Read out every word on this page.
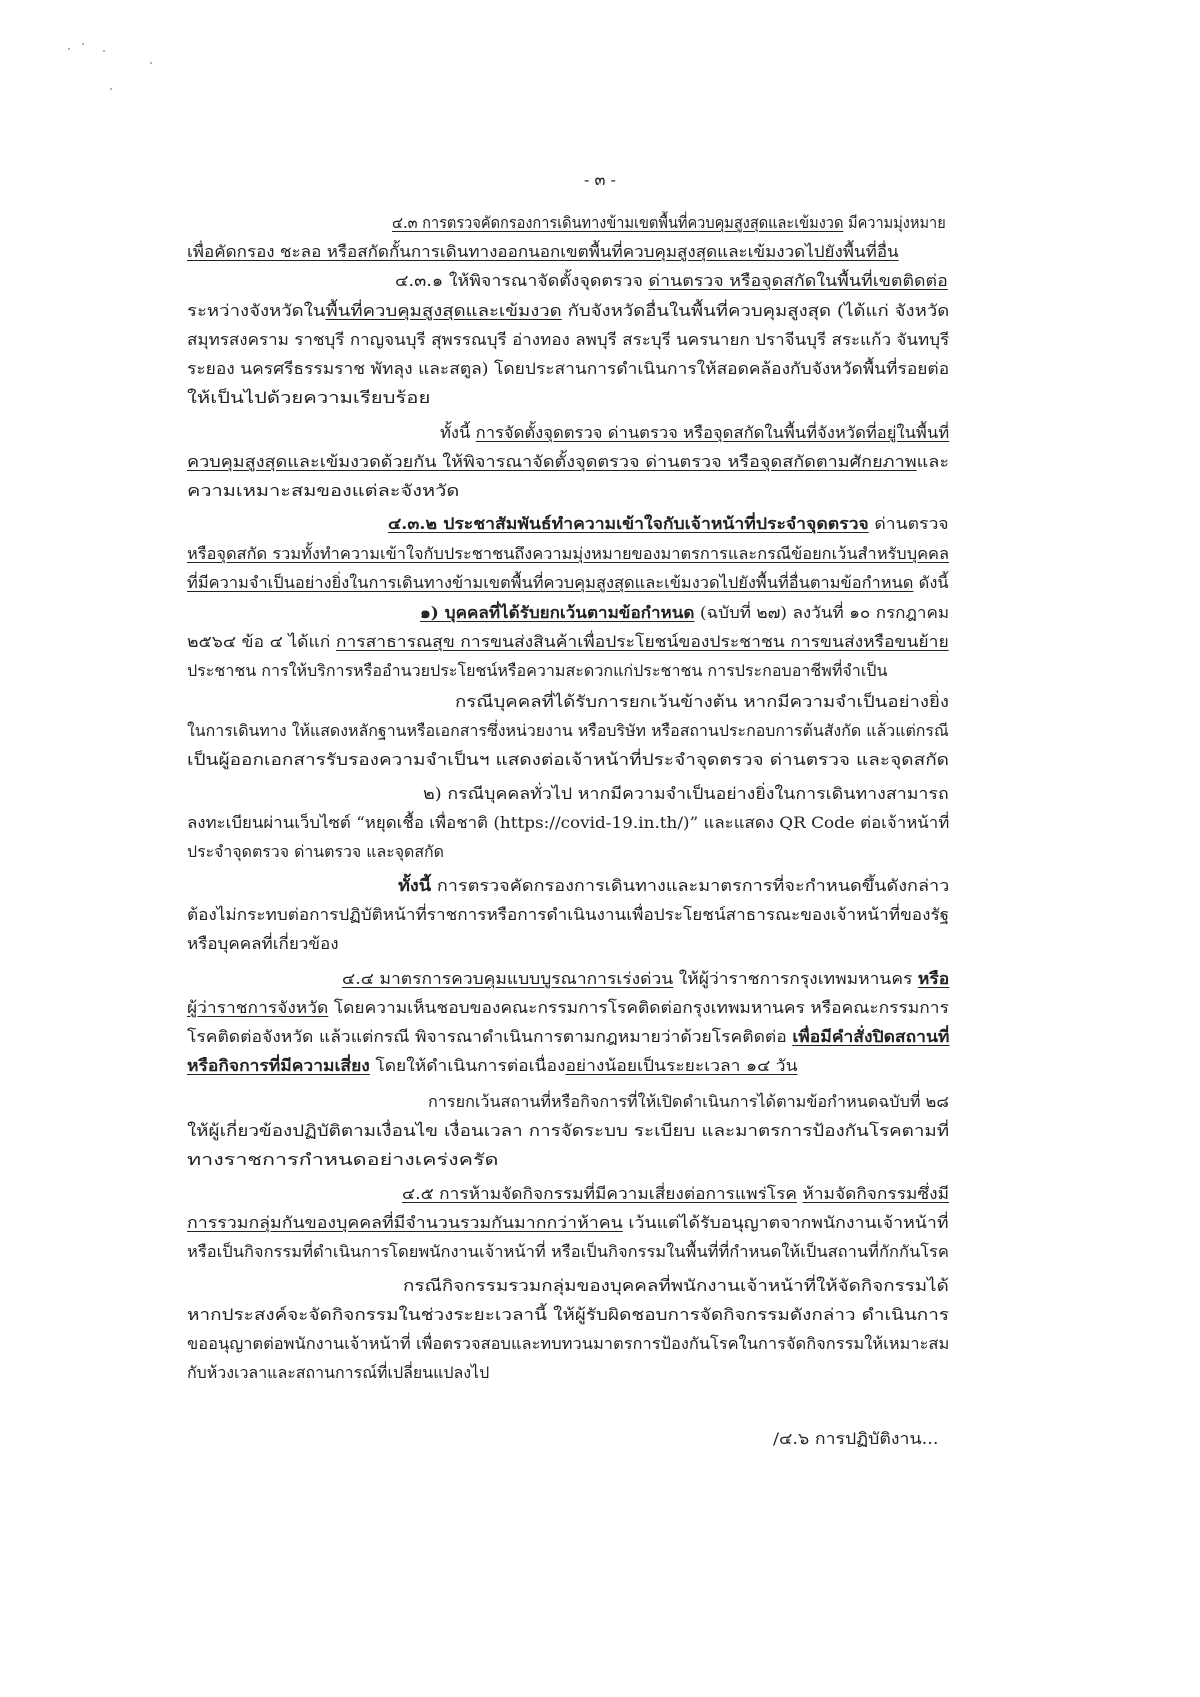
- ๓ -
๔.๓ การตรวจคัดกรองการเดินทางข้ามเขตพื้นที่ควบคุมสูงสุดและเข้มงวด มีความมุ่งหมาย
เพื่อคัดกรอง ชะลอ หรือสกัดกั้นการเดินทางออกนอกเขตพื้นที่ควบคุมสูงสุดและเข้มงวดไปยังพื้นที่อื่น
๔.๓.๑ ให้พิจารณาจัดตั้งจุดตรวจ ด่านตรวจ หรือจุดสกัดในพื้นที่เขตติดต่อ
ระหว่างจังหวัดในพื้นที่ควบคุมสูงสุดและเข้มงวด กับจังหวัดอื่นในพื้นที่ควบคุมสูงสุด (ได้แก่ จังหวัด
สมุทรสงคราม ราชบุรี กาญจนบุรี สุพรรณบุรี อ่างทอง ลพบุรี สระบุรี นครนายก ปราจีนบุรี สระแก้ว จันทบุรี
ระยอง นครศรีธรรมราช พัทลุง และสตูล) โดยประสานการดำเนินการให้สอดคล้องกับจังหวัดพื้นที่รอยต่อ
ให้เป็นไปด้วยความเรียบร้อย
ทั้งนี้ การจัดตั้งจุดตรวจ ด่านตรวจ หรือจุดสกัดในพื้นที่จังหวัดที่อยู่ในพื้นที่
ควบคุมสูงสุดและเข้มงวดด้วยกัน ให้พิจารณาจัดตั้งจุดตรวจ ด่านตรวจ หรือจุดสกัดตามศักยภาพและ
ความเหมาะสมของแต่ละจังหวัด
๔.๓.๒ ประชาสัมพันธ์ทำความเข้าใจกับเจ้าหน้าที่ประจำจุดตรวจ ด่านตรวจ
หรือจุดสกัด รวมทั้งทำความเข้าใจกับประชาชนถึงความมุ่งหมายของมาตรการและกรณีข้อยกเว้นสำหรับบุคคล
ที่มีความจำเป็นอย่างยิ่งในการเดินทางข้ามเขตพื้นที่ควบคุมสูงสุดและเข้มงวดไปยังพื้นที่อื่นตามข้อกำหนด ดังนี้
๑) บุคคลที่ได้รับยกเว้นตามข้อกำหนด (ฉบับที่ ๒๗) ลงวันที่ ๑๐ กรกฎาคม
๒๕๖๔ ข้อ ๔ ได้แก่ การสาธารณสุข การขนส่งสินค้าเพื่อประโยชน์ของประชาชน การขนส่งหรือขนย้าย
ประชาชน การให้บริการหรืออำนวยประโยชน์หรือความสะดวกแก่ประชาชน การประกอบอาชีพที่จำเป็น
กรณีบุคคลที่ได้รับการยกเว้นข้างต้น หากมีความจำเป็นอย่างยิ่ง
ในการเดินทาง ให้แสดงหลักฐานหรือเอกสารซึ่งหน่วยงาน หรือบริษัท หรือสถานประกอบการต้นสังกัด แล้วแต่กรณี
เป็นผู้ออกเอกสารรับรองความจำเป็นฯ แสดงต่อเจ้าหน้าที่ประจำจุดตรวจ ด่านตรวจ และจุดสกัด
๒) กรณีบุคคลทั่วไป หากมีความจำเป็นอย่างยิ่งในการเดินทางสามารถ
ลงทะเบียนผ่านเว็บไซต์ “หยุดเชื้อ เพื่อชาติ (https://covid-19.in.th/)” และแสดง QR Code ต่อเจ้าหน้าที่
ประจำจุดตรวจ ด่านตรวจ และจุดสกัด
ทั้งนี้ การตรวจคัดกรองการเดินทางและมาตรการที่จะกำหนดขึ้นดังกล่าว
ต้องไม่กระทบต่อการปฏิบัติหน้าที่ราชการหรือการดำเนินงานเพื่อประโยชน์สาธารณะของเจ้าหน้าที่ของรัฐ
หรือบุคคลที่เกี่ยวข้อง
๔.๔ มาตรการควบคุมแบบบูรณาการเร่งด่วน ให้ผู้ว่าราชการกรุงเทพมหานคร หรือ
ผู้ว่าราชการจังหวัด โดยความเห็นชอบของคณะกรรมการโรคติดต่อกรุงเทพมหานคร หรือคณะกรรมการ
โรคติดต่อจังหวัด แล้วแต่กรณี พิจารณาดำเนินการตามกฎหมายว่าด้วยโรคติดต่อ เพื่อมีคำสั่งปิดสถานที่
หรือกิจการที่มีความเสี่ยง โดยให้ดำเนินการต่อเนื่องอย่างน้อยเป็นระยะเวลา ๑๔ วัน
การยกเว้นสถานที่หรือกิจการที่ให้เปิดดำเนินการได้ตามข้อกำหนดฉบับที่ ๒๘
ให้ผู้เกี่ยวข้องปฏิบัติตามเงื่อนไข เงื่อนเวลา การจัดระบบ ระเบียบ และมาตรการป้องกันโรคตามที่
ทางราชการกำหนดอย่างเคร่งครัด
๔.๕ การห้ามจัดกิจกรรมที่มีความเสี่ยงต่อการแพร่โรค ห้ามจัดกิจกรรมซึ่งมี
การรวมกลุ่มกันของบุคคลที่มีจำนวนรวมกันมากกว่าห้าคน เว้นแต่ได้รับอนุญาตจากพนักงานเจ้าหน้าที่
หรือเป็นกิจกรรมที่ดำเนินการโดยพนักงานเจ้าหน้าที่ หรือเป็นกิจกรรมในพื้นที่ที่กำหนดให้เป็นสถานที่กักกันโรค
กรณีกิจกรรมรวมกลุ่มของบุคคลที่พนักงานเจ้าหน้าที่ให้จัดกิจกรรมได้
หากประสงค์จะจัดกิจกรรมในช่วงระยะเวลานี้ ให้ผู้รับผิดชอบการจัดกิจกรรมดังกล่าว ดำเนินการ
ขออนุญาตต่อพนักงานเจ้าหน้าที่ เพื่อตรวจสอบและทบทวนมาตรการป้องกันโรคในการจัดกิจกรรมให้เหมาะสม
กับห้วงเวลาและสถานการณ์ที่เปลี่ยนแปลงไป
/๔.๖ การปฏิบัติงาน...
